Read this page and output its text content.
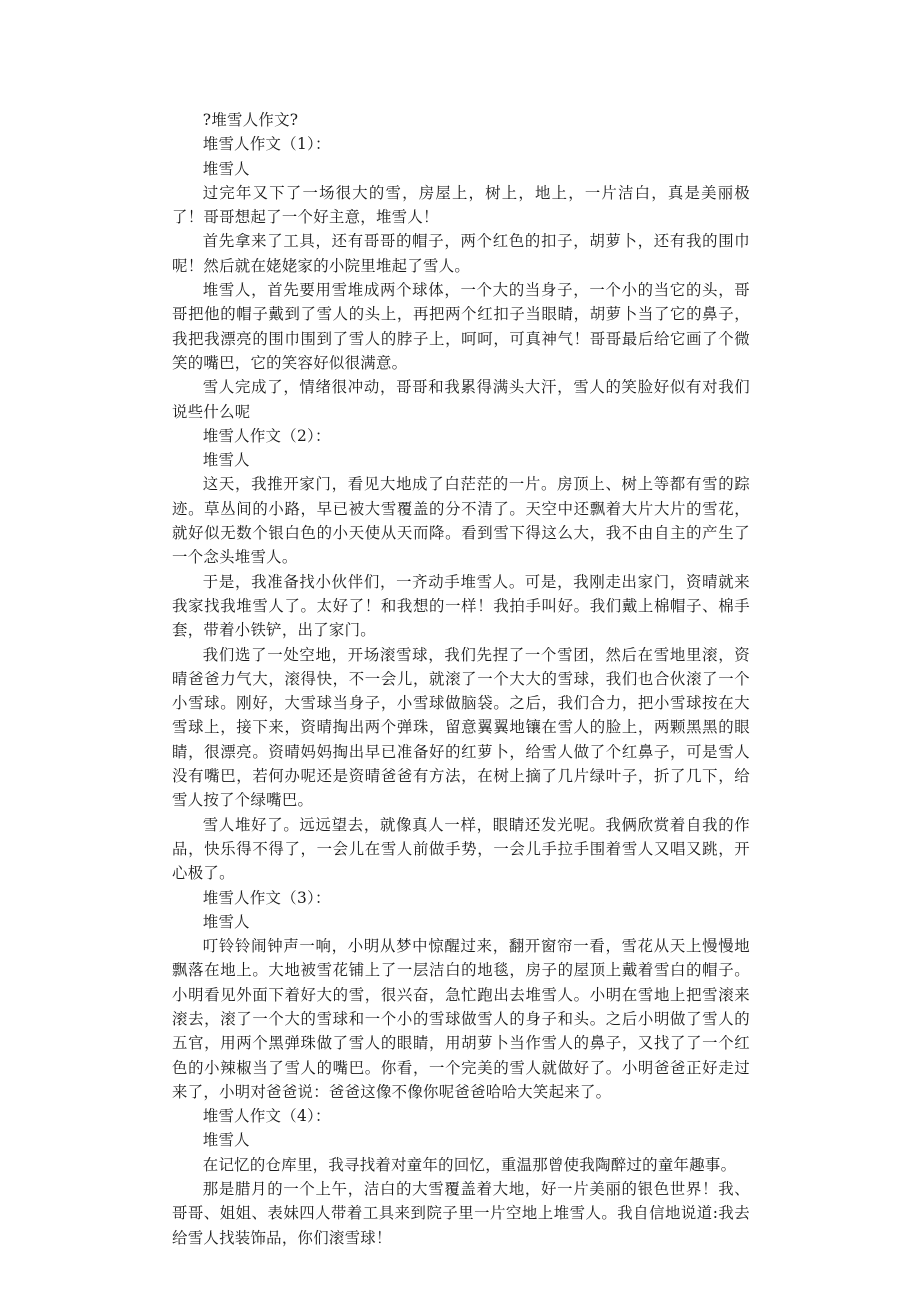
?堆雪人作文?

堆雪人作文（1）：

堆雪人

过完年又下了一场很大的雪，房屋上，树上，地上，一片洁白，真是美丽极了！哥哥想起了一个好主意，堆雪人！

首先拿来了工具，还有哥哥的帽子，两个红色的扣子，胡萝卜，还有我的围巾呢！然后就在姥姥家的小院里堆起了雪人。

堆雪人，首先要用雪堆成两个球体，一个大的当身子，一个小的当它的头，哥哥把他的帽子戴到了雪人的头上，再把两个红扣子当眼睛，胡萝卜当了它的鼻子，我把我漂亮的围巾围到了雪人的脖子上，呵呵，可真神气！哥哥最后给它画了个微笑的嘴巴，它的笑容好似很满意。

雪人完成了，情绪很冲动，哥哥和我累得满头大汗，雪人的笑脸好似有对我们说些什么呢

堆雪人作文（2）：

堆雪人

这天，我推开家门，看见大地成了白茫茫的一片。房顶上、树上等都有雪的踪迹。草丛间的小路，早已被大雪覆盖的分不清了。天空中还飘着大片大片的雪花，就好似无数个银白色的小天使从天而降。看到雪下得这么大，我不由自主的产生了一个念头堆雪人。

于是，我准备找小伙伴们，一齐动手堆雪人。可是，我刚走出家门，资晴就来我家找我堆雪人了。太好了！和我想的一样！我拍手叫好。我们戴上棉帽子、棉手套，带着小铁铲，出了家门。

我们选了一处空地，开场滚雪球，我们先捏了一个雪团，然后在雪地里滚，资晴爸爸力气大，滚得快，不一会儿，就滚了一个大大的雪球，我们也合伙滚了一个小雪球。刚好，大雪球当身子，小雪球做脑袋。之后，我们合力，把小雪球按在大雪球上，接下来，资晴掏出两个弹珠，留意翼翼地镶在雪人的脸上，两颗黑黑的眼睛，很漂亮。资晴妈妈掏出早已准备好的红萝卜，给雪人做了个红鼻子，可是雪人没有嘴巴，若何办呢还是资晴爸爸有方法，在树上摘了几片绿叶子，折了几下，给雪人按了个绿嘴巴。

雪人堆好了。远远望去，就像真人一样，眼睛还发光呢。我俩欣赏着自我的作品，快乐得不得了，一会儿在雪人前做手势，一会儿手拉手围着雪人又唱又跳，开心极了。

堆雪人作文（3）：

堆雪人

叮铃铃闹钟声一响，小明从梦中惊醒过来，翻开窗帘一看，雪花从天上慢慢地飘落在地上。大地被雪花铺上了一层洁白的地毯，房子的屋顶上戴着雪白的帽子。小明看见外面下着好大的雪，很兴奋，急忙跑出去堆雪人。小明在雪地上把雪滚来滚去，滚了一个大的雪球和一个小的雪球做雪人的身子和头。之后小明做了雪人的五官，用两个黑弹珠做了雪人的眼睛，用胡萝卜当作雪人的鼻子，又找了了一个红色的小辣椒当了雪人的嘴巴。你看，一个完美的雪人就做好了。小明爸爸正好走过来了，小明对爸爸说：爸爸这像不像你呢爸爸哈哈大笑起来了。

堆雪人作文（4）：

堆雪人

在记忆的仓库里，我寻找着对童年的回忆，重温那曾使我陶醉过的童年趣事。

那是腊月的一个上午，洁白的大雪覆盖着大地，好一片美丽的银色世界！我、哥哥、姐姐、表妹四人带着工具来到院子里一片空地上堆雪人。我自信地说道:我去给雪人找装饰品，你们滚雪球！
